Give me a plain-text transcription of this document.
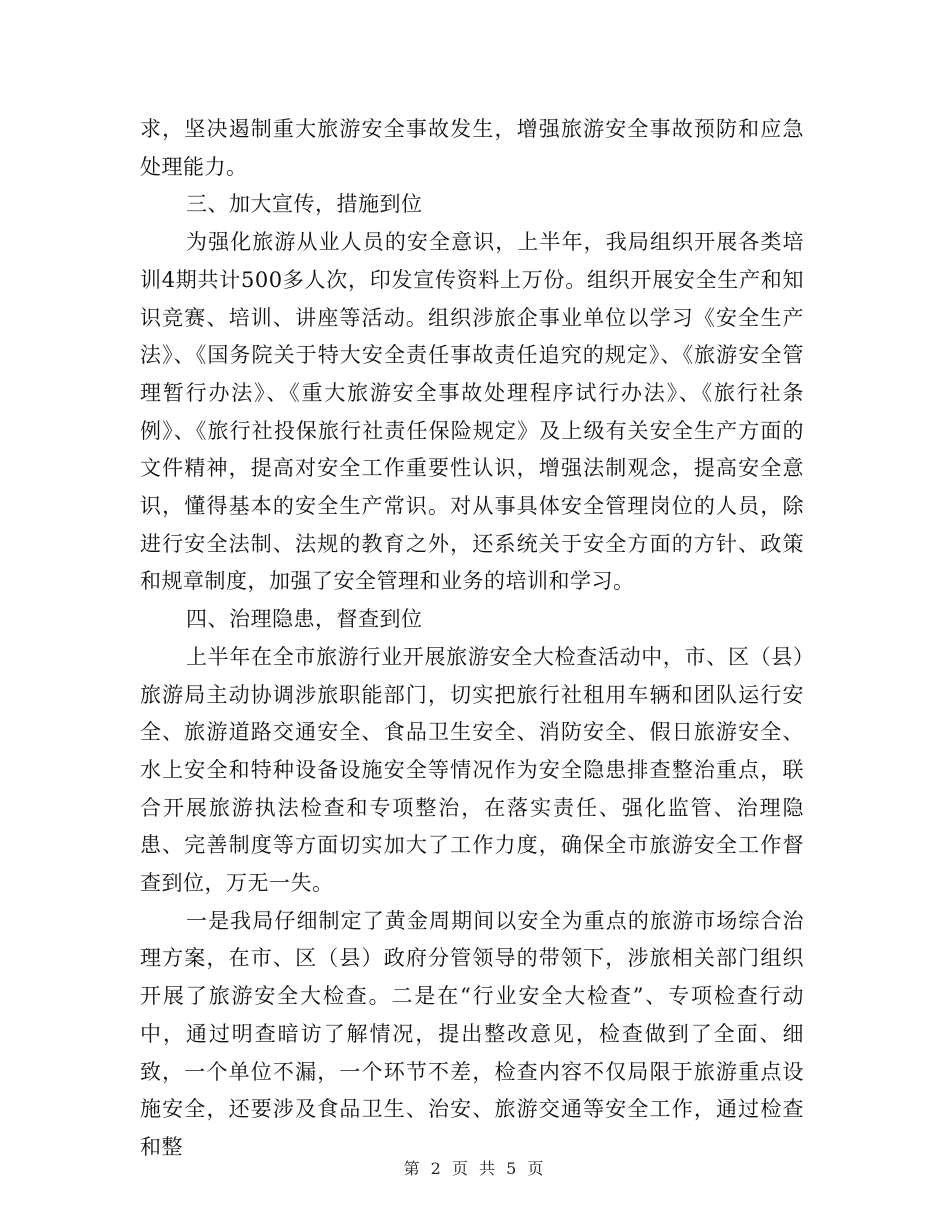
求，坚决遏制重大旅游安全事故发生，增强旅游安全事故预防和应急处理能力。

三、加大宣传，措施到位

为强化旅游从业人员的安全意识，上半年，我局组织开展各类培训4期共计500多人次，印发宣传资料上万份。组织开展安全生产和知识竞赛、培训、讲座等活动。组织涉旅企事业单位以学习《安全生产法》、《国务院关于特大安全责任事故责任追究的规定》、《旅游安全管理暂行办法》、《重大旅游安全事故处理程序试行办法》、《旅行社条例》、《旅行社投保旅行社责任保险规定》及上级有关安全生产方面的文件精神，提高对安全工作重要性认识，增强法制观念，提高安全意识，懂得基本的安全生产常识。对从事具体安全管理岗位的人员，除进行安全法制、法规的教育之外，还系统关于安全方面的方针、政策和规章制度，加强了安全管理和业务的培训和学习。

四、治理隐患，督查到位

上半年在全市旅游行业开展旅游安全大检查活动中，市、区（县）旅游局主动协调涉旅职能部门，切实把旅行社租用车辆和团队运行安全、旅游道路交通安全、食品卫生安全、消防安全、假日旅游安全、水上安全和特种设备设施安全等情况作为安全隐患排查整治重点，联合开展旅游执法检查和专项整治，在落实责任、强化监管、治理隐患、完善制度等方面切实加大了工作力度，确保全市旅游安全工作督查到位，万无一失。

一是我局仔细制定了黄金周期间以安全为重点的旅游市场综合治理方案，在市、区（县）政府分管领导的带领下，涉旅相关部门组织开展了旅游安全大检查。二是在“行业安全大检查”、专项检查行动中，通过明查暗访了解情况，提出整改意见，检查做到了全面、细致，一个单位不漏，一个环节不差，检查内容不仅局限于旅游重点设施安全，还要涉及食品卫生、治安、旅游交通等安全工作，通过检查和整

第 2 页 共 5 页
